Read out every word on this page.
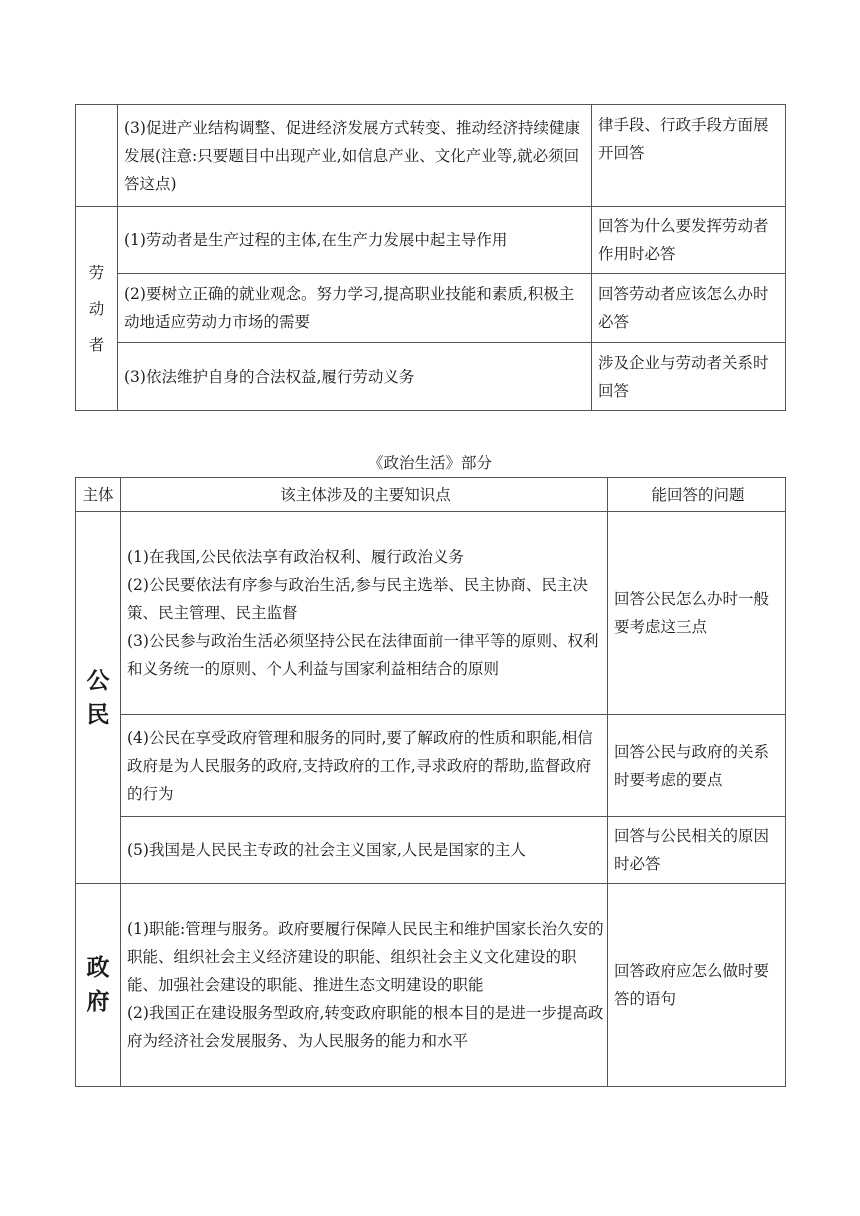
	(3)促进产业结构调整、促进经济发展方式转变、推动经济持续健康发展(注意:只要题目中出现产业,如信息产业、文化产业等,就必须回答这点)	律手段、行政手段方面展开回答

劳
动
者	(1)劳动者是生产过程的主体,在生产力发展中起主导作用	回答为什么要发挥劳动者作用时必答
	(2)要树立正确的就业观念。努力学习,提高职业技能和素质,积极主动地适应劳动力市场的需要	回答劳动者应该怎么办时必答
	(3)依法维护自身的合法权益,履行劳动义务	涉及企业与劳动者关系时回答
《政治生活》部分
主体	该主体涉及的主要知识点	能回答的问题

公
民	(1)在我国,公民依法享有政治权利、履行政治义务
(2)公民要依法有序参与政治生活,参与民主选举、民主协商、民主决策、民主管理、民主监督
(3)公民参与政治生活必须坚持公民在法律面前一律平等的原则、权利和义务统一的原则、个人利益与国家利益相结合的原则	回答公民怎么办时一般要考虑这三点
	(4)公民在享受政府管理和服务的同时,要了解政府的性质和职能,相信政府是为人民服务的政府,支持政府的工作,寻求政府的帮助,监督政府的行为	回答公民与政府的关系时要考虑的要点
	(5)我国是人民民主专政的社会主义国家,人民是国家的主人	回答与公民相关的原因时必答

政
府	(1)职能:管理与服务。政府要履行保障人民民主和维护国家长治久安的职能、组织社会主义经济建设的职能、组织社会主义文化建设的职能、加强社会建设的职能、推进生态文明建设的职能
(2)我国正在建设服务型政府,转变政府职能的根本目的是进一步提高政府为经济社会发展服务、为人民服务的能力和水平	回答政府应怎么做时要答的语句
